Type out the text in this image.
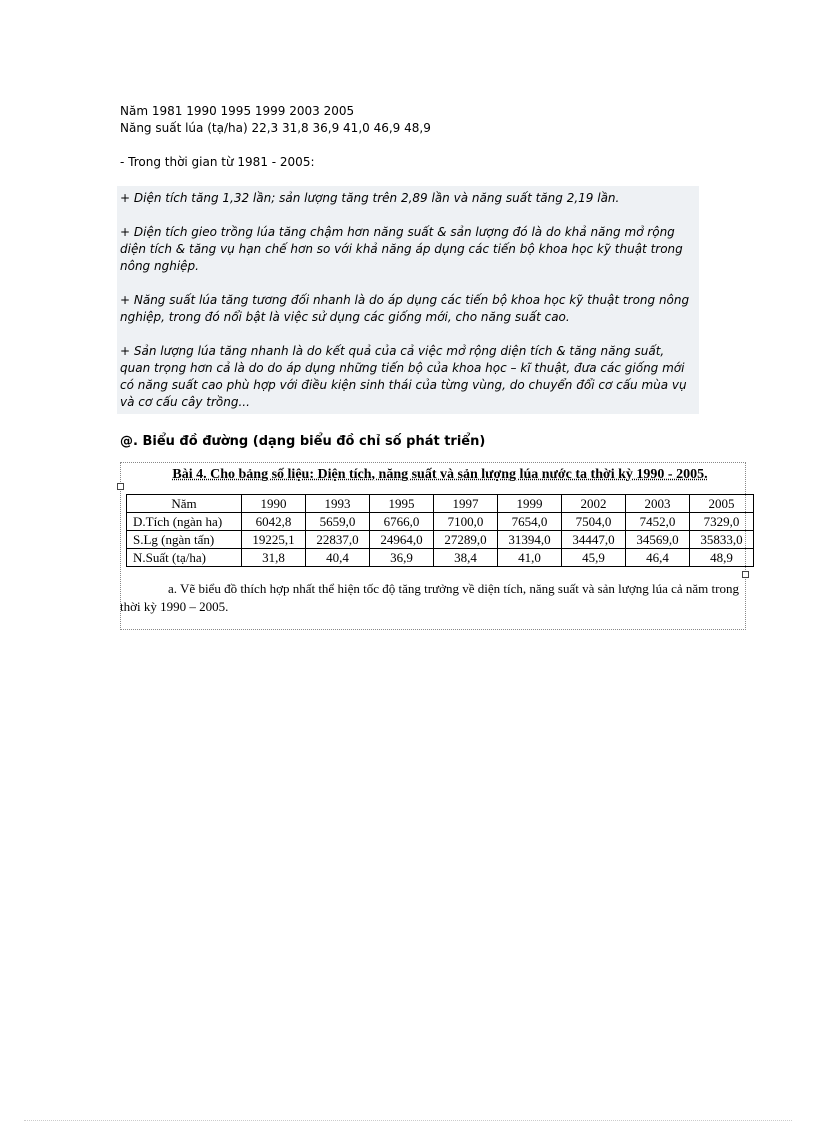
Năm 1981 1990 1995 1999 2003 2005
Năng suất lúa (tạ/ha) 22,3 31,8 36,9 41,0 46,9 48,9
- Trong thời gian từ 1981 - 2005:

+ Diện tích tăng 1,32 lần; sản lượng tăng trên 2,89 lần và năng suất tăng 2,19 lần.

+ Diện tích gieo trồng lúa tăng chậm hơn năng suất & sản lượng đó là do khả năng mở rộng diện tích & tăng vụ hạn chế hơn so với khả năng áp dụng các tiến bộ khoa học kỹ thuật trong nông nghiệp.

+ Năng suất lúa tăng tương đối nhanh là do áp dụng các tiến bộ khoa học kỹ thuật trong nông nghiệp, trong đó nổi bật là việc sử dụng các giống mới, cho năng suất cao.

+ Sản lượng lúa tăng nhanh là do kết quả của cả việc mở rộng diện tích & tăng năng suất, quan trọng hơn cả là do do áp dụng những tiến bộ của khoa học – kĩ thuật, đưa các giống mới có năng suất cao phù hợp với điều kiện sinh thái của từng vùng, do chuyển đổi cơ cấu mùa vụ và cơ cấu cây trồng...

@. Biểu đồ đường (dạng biểu đồ chỉ số phát triển)
Bài 4. Cho bảng số liệu: Diện tích, năng suất và sản lượng lúa nước ta thời kỳ 1990 - 2005.
Năm	1990	1993	1995	1997	1999	2002	2003	2005
D.Tích (ngàn ha)	6042,8	5659,0	6766,0	7100,0	7654,0	7504,0	7452,0	7329,0
S.Lg (ngàn tấn)	19225,1	22837,0	24964,0	27289,0	31394,0	34447,0	34569,0	35833,0
N.Suất (tạ/ha)	31,8	40,4	36,9	38,4	41,0	45,9	46,4	48,9
a. Vẽ biểu đồ thích hợp nhất thể hiện tốc độ tăng trưởng về diện tích, năng suất và sản lượng lúa cả năm trong thời kỳ 1990 – 2005.
